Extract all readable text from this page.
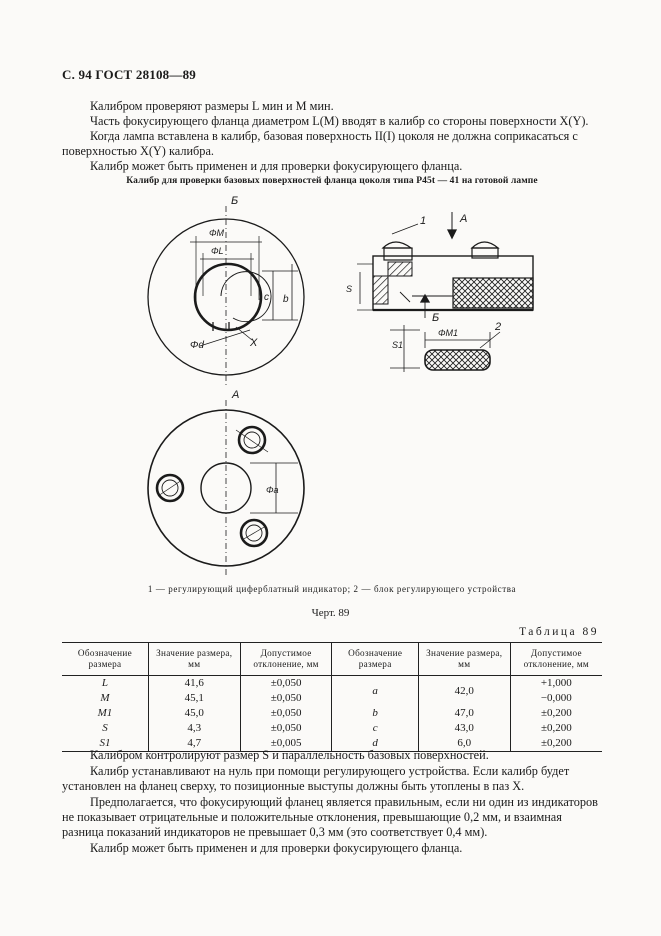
С. 94 ГОСТ 28108—89
Калибром проверяют размеры L мин и M мин.
Часть фокусирующего фланца диаметром L(M) вводят в калибр со стороны поверхности X(Y).
Когда лампа вставлена в калибр, базовая поверхность II(I) цоколя не должна соприкасаться с поверхностью X(Y) калибра.
Калибр может быть применен и для проверки фокусирующего фланца.
Калибр для проверки базовых поверхностей фланца цоколя типа P45t — 41 на готовой лампе
Б
ΦM
ΦL
c b
Φd	X
А
Φa
1	A
Б
S
S1
ΦM1	2
1 — регулирующий циферблатный индикатор; 2 — блок регулирующего устройства
Черт. 89
Таблица 89
Обозначение размера	Значение размера, мм	Допустимое отклонение, мм	Обозначение размера	Значение размера, мм	Допустимое отклонение, мм
L	41,6	±0,050	a	42,0	+1,000
M	45,1	±0,050			−0,000
M1	45,0	±0,050	b	47,0	±0,200
S	4,3	±0,050	c	43,0	±0,200
S1	4,7	±0,005	d	6,0	±0,200
Калибром контролируют размер S и параллельность базовых поверхностей.
Калибр устанавливают на нуль при помощи регулирующего устройства. Если калибр будет установлен на фланец сверху, то позиционные выступы должны быть утоплены в паз X.
Предполагается, что фокусирующий фланец является правильным, если ни один из индикаторов не показывает отрицательные и положительные отклонения, превышающие 0,2 мм, и взаимная разница показаний индикаторов не превышает 0,3 мм (это соответствует 0,4 мм).
Калибр может быть применен и для проверки фокусирующего фланца.
